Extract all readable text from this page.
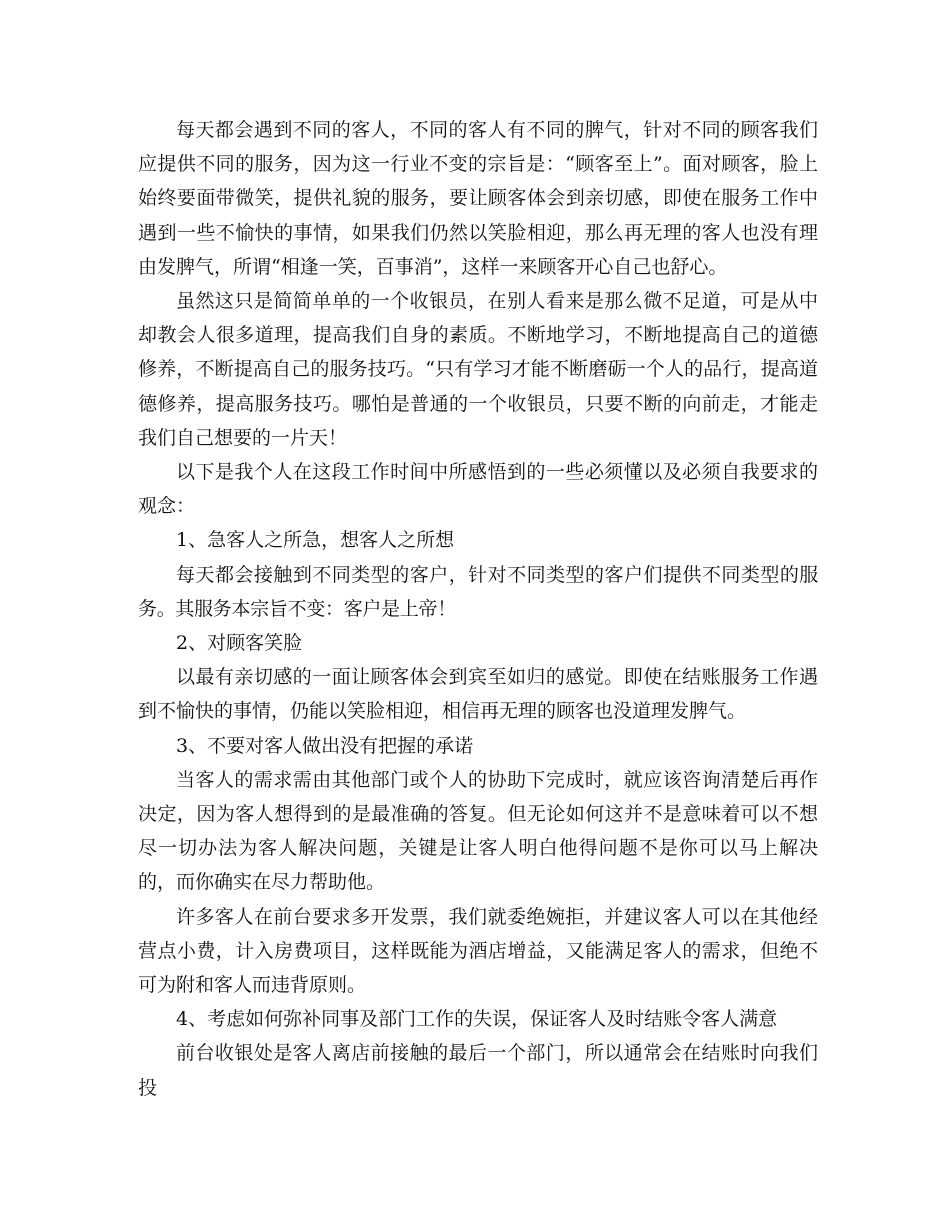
每天都会遇到不同的客人，不同的客人有不同的脾气，针对不同的顾客我们应提供不同的服务，因为这一行业不变的宗旨是：“顾客至上”。面对顾客，脸上始终要面带微笑，提供礼貌的服务，要让顾客体会到亲切感，即使在服务工作中遇到一些不愉快的事情，如果我们仍然以笑脸相迎，那么再无理的客人也没有理由发脾气，所谓“相逢一笑，百事消”，这样一来顾客开心自己也舒心。

虽然这只是简简单单的一个收银员，在别人看来是那么微不足道，可是从中却教会人很多道理，提高我们自身的素质。不断地学习，不断地提高自己的道德修养，不断提高自己的服务技巧。“只有学习才能不断磨砺一个人的品行，提高道德修养，提高服务技巧。哪怕是普通的一个收银员，只要不断的向前走，才能走我们自己想要的一片天！

以下是我个人在这段工作时间中所感悟到的一些必须懂以及必须自我要求的观念：

1、急客人之所急，想客人之所想

每天都会接触到不同类型的客户，针对不同类型的客户们提供不同类型的服务。其服务本宗旨不变：客户是上帝！

2、对顾客笑脸

以最有亲切感的一面让顾客体会到宾至如归的感觉。即使在结账服务工作遇到不愉快的事情，仍能以笑脸相迎，相信再无理的顾客也没道理发脾气。

3、不要对客人做出没有把握的承诺

当客人的需求需由其他部门或个人的协助下完成时，就应该咨询清楚后再作决定，因为客人想得到的是最准确的答复。但无论如何这并不是意味着可以不想尽一切办法为客人解决问题，关键是让客人明白他得问题不是你可以马上解决的，而你确实在尽力帮助他。

许多客人在前台要求多开发票，我们就委绝婉拒，并建议客人可以在其他经营点小费，计入房费项目，这样既能为酒店增益，又能满足客人的需求，但绝不可为附和客人而违背原则。

4、考虑如何弥补同事及部门工作的失误，保证客人及时结账令客人满意

前台收银处是客人离店前接触的最后一个部门，所以通常会在结账时向我们投
